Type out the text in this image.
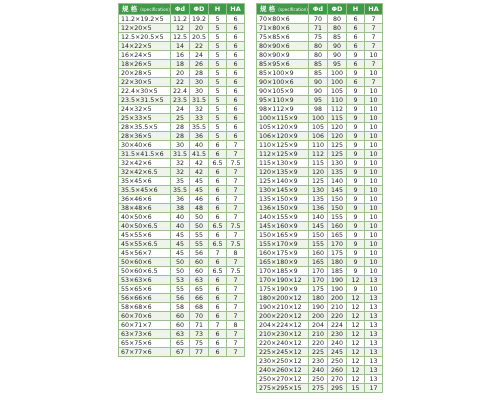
规 格 (specification)	Φd	ΦD	H	HA
11.2×19.2×5	11.2	19.2	5	6
12×20×5	12	20	5	6
12.5×20.5×5	12.5	20.5	5	6
14×22×5	14	22	5	6
16×24×5	16	24	5	6
18×26×5	18	26	5	6
20×28×5	20	28	5	6
22×30×5	22	30	5	6
22.4×30×5	22.4	30	5	6
23.5×31.5×5	23.5	31.5	5	6
24×32×5	24	32	5	6
25×33×5	25	33	5	6
28×35.5×5	28	35.5	5	6
28×36×5	28	36	5	6
30×40×6	30	40	6	7
31.5×41.5×6	31.5	41.5	6	7
32×42×6	32	42	6.5	7.5
32×42×6.5	32	42	6	7
35×45×6	35	45	6	7
35.5×45×6	35.5	45	6	7
36×46×6	36	46	6	7
38×48×6	38	48	6	7
40×50×6	40	50	6	7
40×50×6.5	40	50	6.5	7.5
45×55×6	45	55	6	7
45×55×6.5	45	55	6.5	7.5
45×56×7	45	56	7	8
50×60×6	50	60	6	7
50×60×6.5	50	60	6.5	7.5
53×63×6	53	63	6	7
55×65×6	55	65	6	7
56×66×6	56	66	6	7
58×68×6	58	68	6	7
60×70×6	60	70	6	7
60×71×7	60	71	7	8
63×73×6	63	73	6	7
65×75×6	65	75	6	7
67×77×6	67	77	6	7
规 格 (specification)	Φd	ΦD	H	HA
70×80×6	70	80	6	7
71×80×6	71	80	6	7
75×85×6	75	85	6	7
80×90×6	80	90	6	7
80×90×9	80	90	9	10
85×95×6	85	95	6	7
85×100×9	85	100	9	10
90×100×6	90	100	6	7
90×105×9	90	105	9	10
95×110×9	95	110	9	10
98×112×9	98	112	9	10
100×115×9	100	115	9	10
105×120×9	105	120	9	10
106×120×9	106	120	9	10
110×125×9	110	125	9	10
112×125×9	112	125	9	10
115×130×9	115	130	9	10
120×135×9	120	135	9	10
125×140×9	125	140	9	10
130×145×9	130	145	9	10
135×150×9	135	150	9	10
136×150×9	136	150	9	10
140×155×9	140	155	9	10
145×160×9	145	160	9	10
150×165×9	150	165	9	10
155×170×9	155	170	9	10
160×175×9	160	175	9	10
165×180×9	165	180	9	10
170×185×9	170	185	9	10
170×190×12	170	190	12	13
175×190×9	175	190	9	10
180×200×12	180	200	12	13
190×210×12	190	210	12	13
200×220×12	200	220	12	13
204×224×12	204	224	12	13
210×230×12	210	230	12	13
220×240×12	220	240	12	13
225×245×12	225	245	12	13
230×250×12	230	250	12	13
240×260×12	240	260	12	13
250×270×12	250	270	12	13
275×295×15	275	295	15	17
